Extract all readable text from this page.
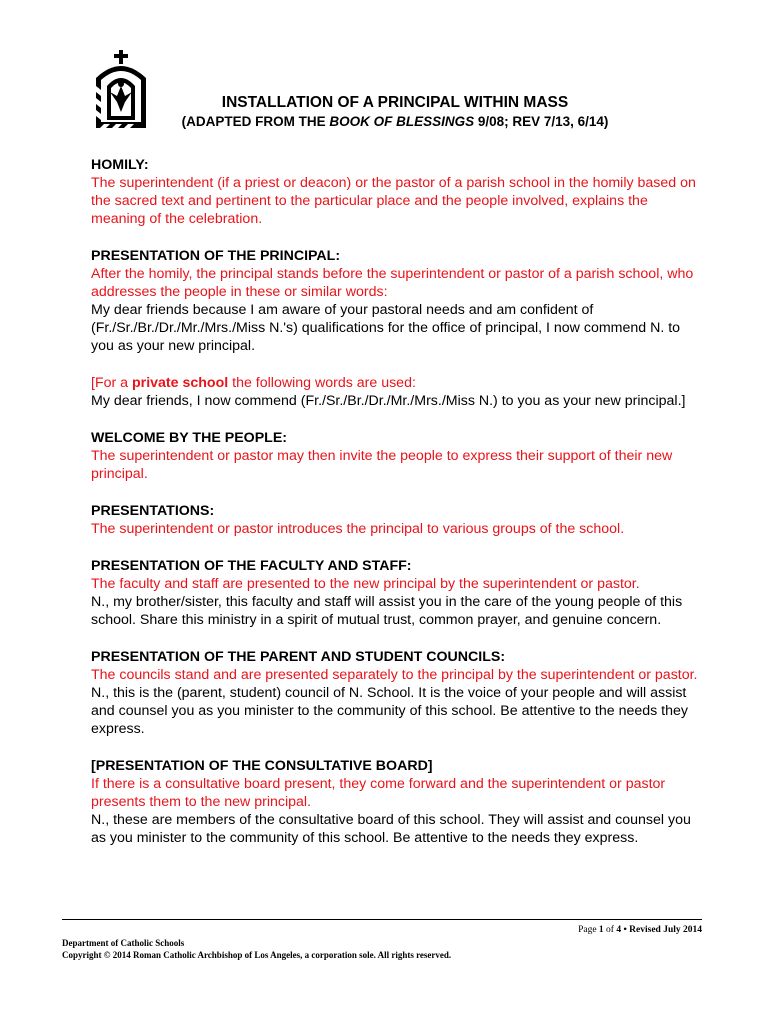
INSTALLATION OF A PRINCIPAL WITHIN MASS
(ADAPTED FROM THE BOOK OF BLESSINGS 9/08; REV 7/13, 6/14)
HOMILY:
The superintendent (if a priest or deacon) or the pastor of a parish school in the homily based on the sacred text and pertinent to the particular place and the people involved, explains the meaning of the celebration.
PRESENTATION OF THE PRINCIPAL:
After the homily, the principal stands before the superintendent or pastor of a parish school, who addresses the people in these or similar words:
My dear friends because I am aware of your pastoral needs and am confident of (Fr./Sr./Br./Dr./Mr./Mrs./Miss N.'s) qualifications for the office of principal, I now commend N. to you as your new principal.
[For a private school the following words are used:
My dear friends, I now commend (Fr./Sr./Br./Dr./Mr./Mrs./Miss N.) to you as your new principal.]
WELCOME BY THE PEOPLE:
The superintendent or pastor may then invite the people to express their support of their new principal.
PRESENTATIONS:
The superintendent or pastor introduces the principal to various groups of the school.
PRESENTATION OF THE FACULTY AND STAFF:
The faculty and staff are presented to the new principal by the superintendent or pastor.
N., my brother/sister, this faculty and staff will assist you in the care of the young people of this school. Share this ministry in a spirit of mutual trust, common prayer, and genuine concern.
PRESENTATION OF THE PARENT AND STUDENT COUNCILS:
The councils stand and are presented separately to the principal by the superintendent or pastor.
N., this is the (parent, student) council of N. School. It is the voice of your people and will assist and counsel you as you minister to the community of this school. Be attentive to the needs they express.
[PRESENTATION OF THE CONSULTATIVE BOARD]
If there is a consultative board present, they come forward and the superintendent or pastor presents them to the new principal.
N., these are members of the consultative board of this school. They will assist and counsel you as you minister to the community of this school. Be attentive to the needs they express.
Page 1 of 4 • Revised July 2014
Department of Catholic Schools
Copyright © 2014 Roman Catholic Archbishop of Los Angeles, a corporation sole. All rights reserved.
